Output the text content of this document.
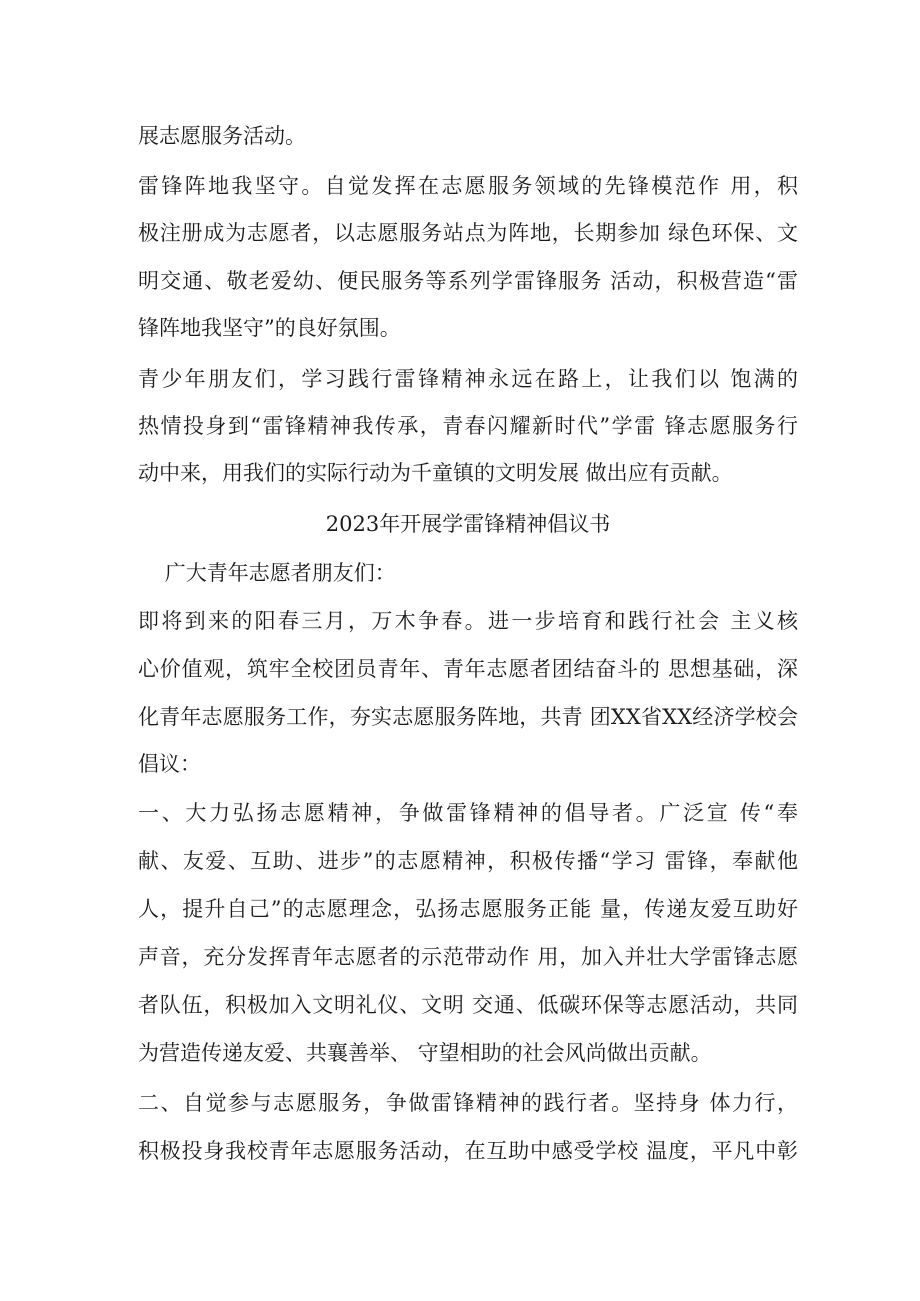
展志愿服务活动。
雷锋阵地我坚守。自觉发挥在志愿服务领域的先锋模范作 用，积
极注册成为志愿者，以志愿服务站点为阵地，长期参加 绿色环保、文
明交通、敬老爱幼、便民服务等系列学雷锋服务 活动，积极营造“雷
锋阵地我坚守”的良好氛围。
青少年朋友们，学习践行雷锋精神永远在路上，让我们以 饱满的
热情投身到“雷锋精神我传承，青春闪耀新时代”学雷 锋志愿服务行
动中来，用我们的实际行动为千童镇的文明发展 做出应有贡献。
2023年开展学雷锋精神倡议书
广大青年志愿者朋友们：
即将到来的阳春三月，万木争春。进一步培育和践行社会 主义核
心价值观，筑牢全校团员青年、青年志愿者团结奋斗的 思想基础，深
化青年志愿服务工作，夯实志愿服务阵地，共青 团XX省XX经济学校会
倡议：
一、大力弘扬志愿精神，争做雷锋精神的倡导者。广泛宣 传“奉
献、友爱、互助、进步”的志愿精神，积极传播“学习 雷锋，奉献他
人，提升自己”的志愿理念，弘扬志愿服务正能 量，传递友爱互助好
声音，充分发挥青年志愿者的示范带动作 用，加入并壮大学雷锋志愿
者队伍，积极加入文明礼仪、文明 交通、低碳环保等志愿活动，共同
为营造传递友爱、共襄善举、 守望相助的社会风尚做出贡献。
二、自觉参与志愿服务，争做雷锋精神的践行者。坚持身 体力行，
积极投身我校青年志愿服务活动，在互助中感受学校 温度，平凡中彰
